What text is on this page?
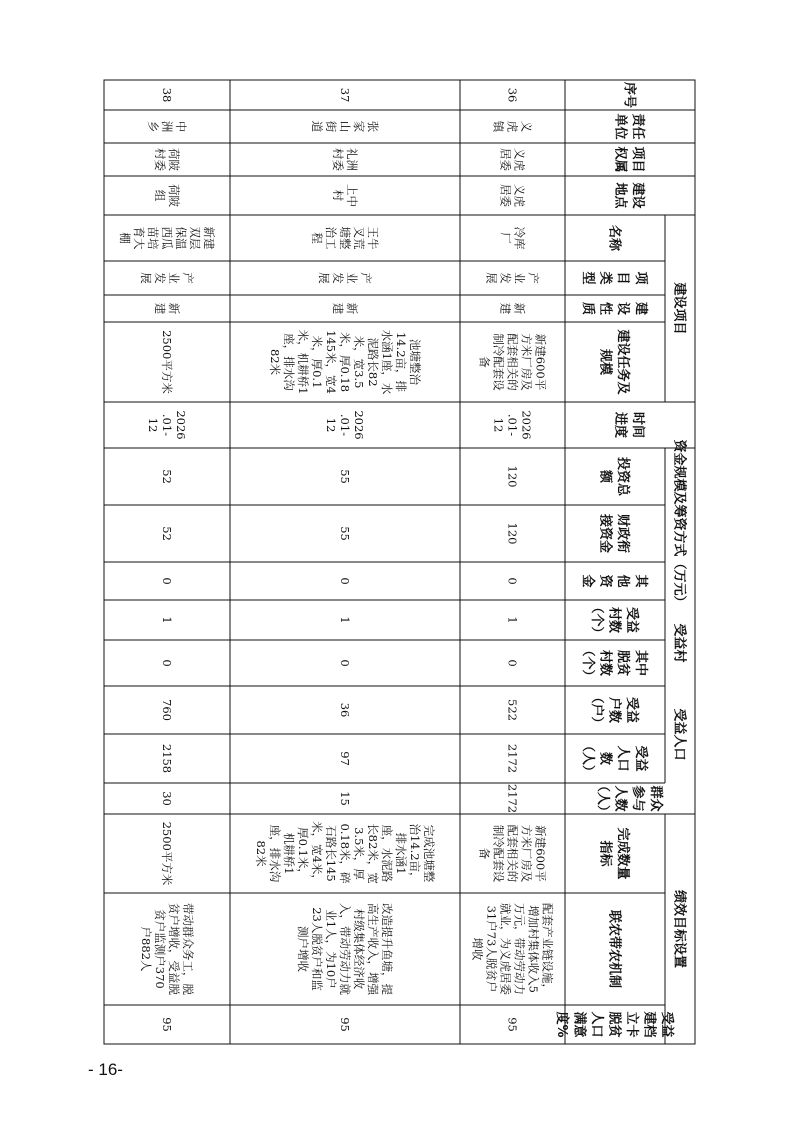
序号
责任单位
项目权属
建设地点
名称
项目类型
建设性质
建设任务及规模
时间进度
投资总额
财政衔接资金
其他资金
受益村数（个）
其中脱贫村数（个）
受益户数（户）
受益人口数（人）
群众参与人数（人）
完成数量指标
联农带农机制
受益建档立卡脱贫人口满意度%
建设项目
资金规模及筹资方式（万元）
受益村
受益人口
绩效目标设置
36
义虎镇
义虎居委
义虎居委
冷库厂
产业发展
新建
新建600平方米厂房及配套相关的制冷配套设备
2026.01-12
120
120
0
1
0
522
2172
2172
新建600平方米厂房及配套相关的制冷配套设备
配套产业链设施，增加村集体收入5万元，带动劳动力就业，为义虎居委31户73人脱贫户增收
95
37
张家山街道
礼洲村委
上中村
王牛叉荒塘整治工程
产业发展
新建
池塘整治14.2亩，排水涵1座，水泥路长82米，宽3.5米，厚0.18145米，宽4米，厚0.1米，机耕桥1座，排水沟82米
2026.01-12
55
55
0
1
0
36
97
15
完成池塘整治14.2亩，排水涵1座，水泥路长82米，宽3.5米，厚0.18米，碎石路长145米，宽4米，厚0.1米，机耕桥1座，排水沟82米
改造提升鱼塘，提高生产收入，增强村级集体经济收入，带动劳动力就业1人，为10户23人脱贫户和监测户增收
95
38
中洲乡
荷陂村委
荷陂组
新建双层保温西瓜苗培育大棚
产业发展
新建
2500平方米
2026.01-12
52
52
0
1
0
760
2158
30
2500平方米
带动群众务工，脱贫户增收，受益脱贫户监测户370户882人
95
- 16-
